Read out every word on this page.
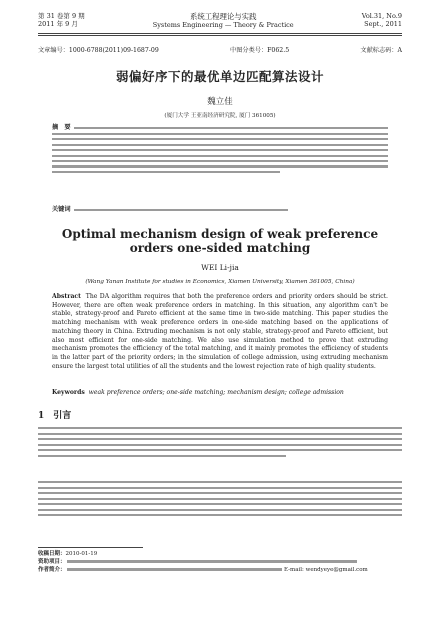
第 31 卷第 9 期
2011 年 9 月
系统工程理论与实践
Systems Engineering — Theory & Practice
Vol.31, No.9
Sept., 2011
文章编号：1000-6788(2011)09-1687-09	中图分类号：F062.5	文献标志码：A
弱偏好序下的最优单边匹配算法设计
魏立佳
(厦门大学 王亚南经济研究院, 厦门 361005)
摘　要
关键词
Optimal mechanism design of weak preference orders one-sided matching
WEI Li-jia
(Wang Yanan Institute for studies in Economics, Xiamen University, Xiamen 361005, China)
Abstract The DA algorithm requires that both the preference orders and priority orders should be strict. However, there are often weak preference orders in matching. In this situation, any algorithm can't be stable, strategy-proof and Pareto efficient at the same time in two-side matching. This paper studies the matching mechanism with weak preference orders in one-side matching based on the applications of matching theory in China. Extruding mechanism is not only stable, strategy-proof and Pareto efficient, but also most efficient for one-side matching. We also use simulation method to prove that extruding mechanism promotes the efficiency of the total matching, and it mainly promotes the efficiency of students in the latter part of the priority orders; in the simulation of college admission, using extruding mechanism ensure the largest total utilities of all the students and the lowest rejection rate of high quality students.
Keywords weak preference orders; one-side matching; mechanism design; college admission
1　引言
收稿日期：2010-01-19
资助项目：
作者简介：	E-mail: wendyeye@gmail.com
